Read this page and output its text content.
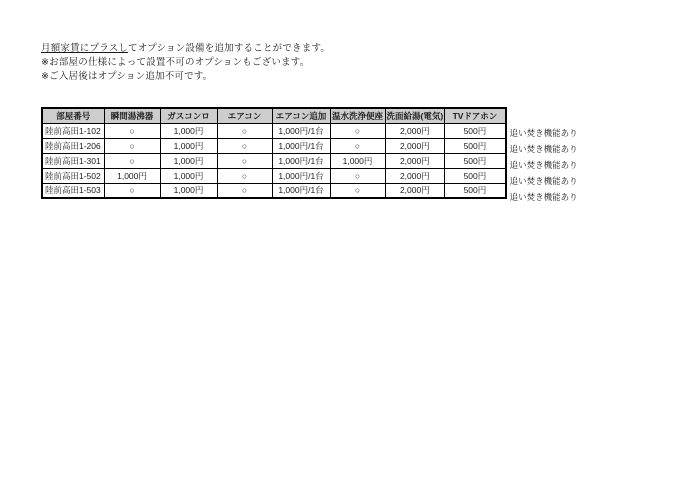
月額家賃にプラスしてオプション設備を追加することができます。

※お部屋の仕様によって設置不可のオプションもございます。

※ご入居後はオプション追加不可です。

部屋番号	瞬間湯沸器	ガスコンロ	エアコン	エアコン追加	温水洗浄便座	洗面給湯(電気)	TVドアホン
陸前高田1-102	○	1,000円	○	1,000円/1台	○	2,000円	500円
陸前高田1-206	○	1,000円	○	1,000円/1台	○	2,000円	500円
陸前高田1-301	○	1,000円	○	1,000円/1台	1,000円	2,000円	500円
陸前高田1-502	1,000円	1,000円	○	1,000円/1台	○	2,000円	500円
陸前高田1-503	○	1,000円	○	1,000円/1台	○	2,000円	500円
追い焚き機能あり
追い焚き機能あり
追い焚き機能あり
追い焚き機能あり
追い焚き機能あり
